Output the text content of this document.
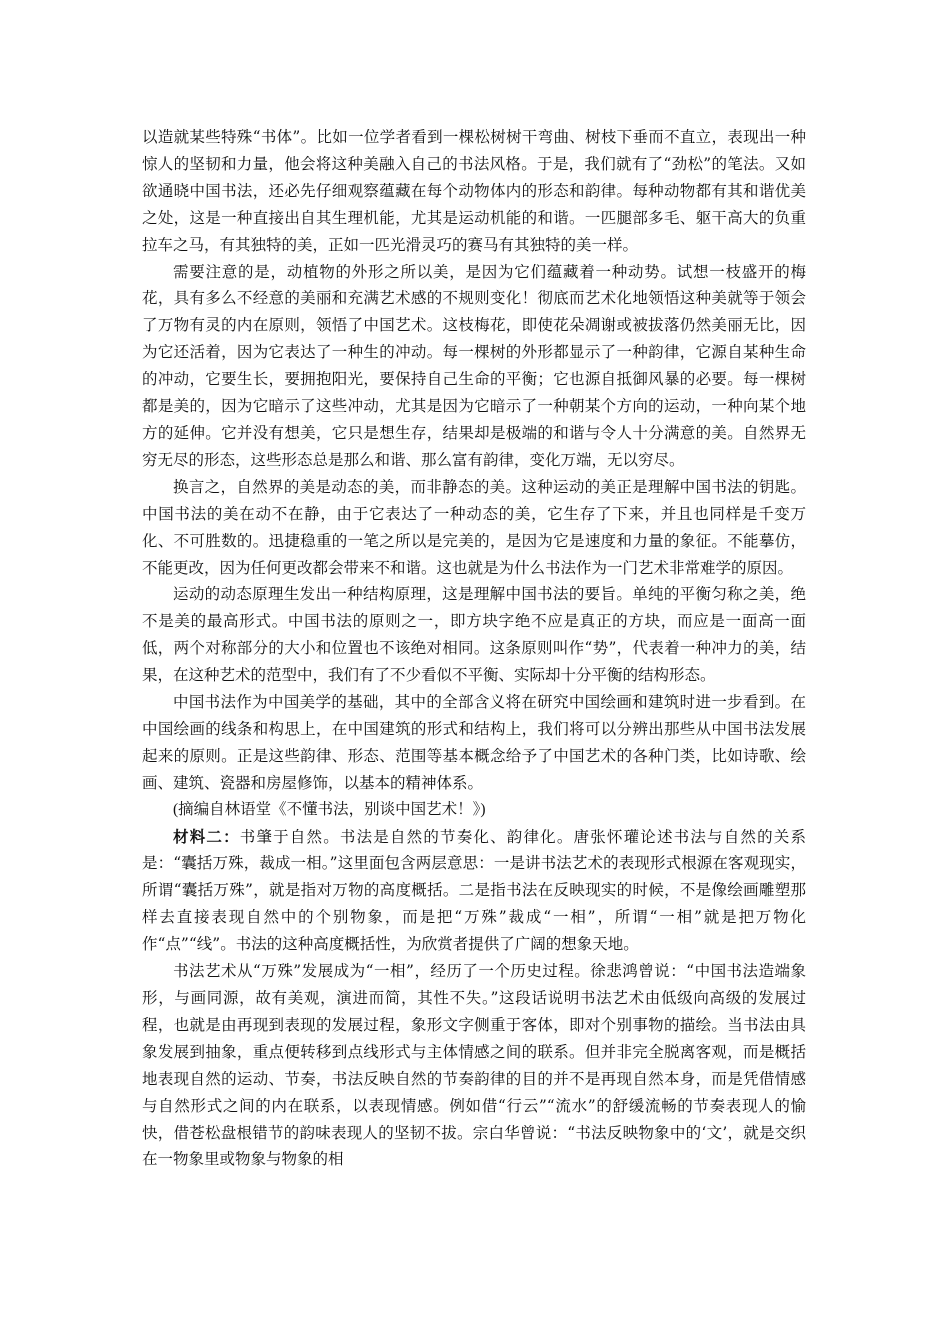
以造就某些特殊“书体”。比如一位学者看到一棵松树树干弯曲、树枝下垂而不直立，表现出一种惊人的坚韧和力量，他会将这种美融入自己的书法风格。于是，我们就有了“劲松”的笔法。又如欲通晓中国书法，还必先仔细观察蕴藏在每个动物体内的形态和韵律。每种动物都有其和谐优美之处，这是一种直接出自其生理机能，尤其是运动机能的和谐。一匹腿部多毛、躯干高大的负重拉车之马，有其独特的美，正如一匹光滑灵巧的赛马有其独特的美一样。

需要注意的是，动植物的外形之所以美，是因为它们蕴藏着一种动势。试想一枝盛开的梅花，具有多么不经意的美丽和充满艺术感的不规则变化！彻底而艺术化地领悟这种美就等于领会了万物有灵的内在原则，领悟了中国艺术。这枝梅花，即使花朵凋谢或被拔落仍然美丽无比，因为它还活着，因为它表达了一种生的冲动。每一棵树的外形都显示了一种韵律，它源自某种生命的冲动，它要生长，要拥抱阳光，要保持自己生命的平衡；它也源自抵御风暴的必要。每一棵树都是美的，因为它暗示了这些冲动，尤其是因为它暗示了一种朝某个方向的运动，一种向某个地方的延伸。它并没有想美，它只是想生存，结果却是极端的和谐与令人十分满意的美。自然界无穷无尽的形态，这些形态总是那么和谐、那么富有韵律，变化万端，无以穷尽。

换言之，自然界的美是动态的美，而非静态的美。这种运动的美正是理解中国书法的钥匙。中国书法的美在动不在静，由于它表达了一种动态的美，它生存了下来，并且也同样是千变万化、不可胜数的。迅捷稳重的一笔之所以是完美的，是因为它是速度和力量的象征。不能摹仿，不能更改，因为任何更改都会带来不和谐。这也就是为什么书法作为一门艺术非常难学的原因。

运动的动态原理生发出一种结构原理，这是理解中国书法的要旨。单纯的平衡匀称之美，绝不是美的最高形式。中国书法的原则之一，即方块字绝不应是真正的方块，而应是一面高一面低，两个对称部分的大小和位置也不该绝对相同。这条原则叫作“势”，代表着一种冲力的美，结果，在这种艺术的范型中，我们有了不少看似不平衡、实际却十分平衡的结构形态。

中国书法作为中国美学的基础，其中的全部含义将在研究中国绘画和建筑时进一步看到。在中国绘画的线条和构思上，在中国建筑的形式和结构上，我们将可以分辨出那些从中国书法发展起来的原则。正是这些韵律、形态、范围等基本概念给予了中国艺术的各种门类，比如诗歌、绘画、建筑、瓷器和房屋修饰，以基本的精神体系。

(摘编自林语堂《不懂书法，别谈中国艺术！》)

材料二：书肇于自然。书法是自然的节奏化、韵律化。唐张怀瓘论述书法与自然的关系是：“囊括万殊，裁成一相。”这里面包含两层意思：一是讲书法艺术的表现形式根源在客观现实，所谓“囊括万殊”，就是指对万物的高度概括。二是指书法在反映现实的时候，不是像绘画雕塑那样去直接表现自然中的个别物象，而是把“万殊”裁成“一相”，所谓“一相”就是把万物化作“点”“线”。书法的这种高度概括性，为欣赏者提供了广阔的想象天地。

书法艺术从“万殊”发展成为“一相”，经历了一个历史过程。徐悲鸿曾说：“中国书法造端象形，与画同源，故有美观，演进而简，其性不失。”这段话说明书法艺术由低级向高级的发展过程，也就是由再现到表现的发展过程，象形文字侧重于客体，即对个别事物的描绘。当书法由具象发展到抽象，重点便转移到点线形式与主体情感之间的联系。但并非完全脱离客观，而是概括地表现自然的运动、节奏，书法反映自然的节奏韵律的目的并不是再现自然本身，而是凭借情感与自然形式之间的内在联系，以表现情感。例如借“行云”“流水”的舒缓流畅的节奏表现人的愉快，借苍松盘根错节的韵味表现人的坚韧不拔。宗白华曾说：“书法反映物象中的‘文’，就是交织在一物象里或物象与物象的相
